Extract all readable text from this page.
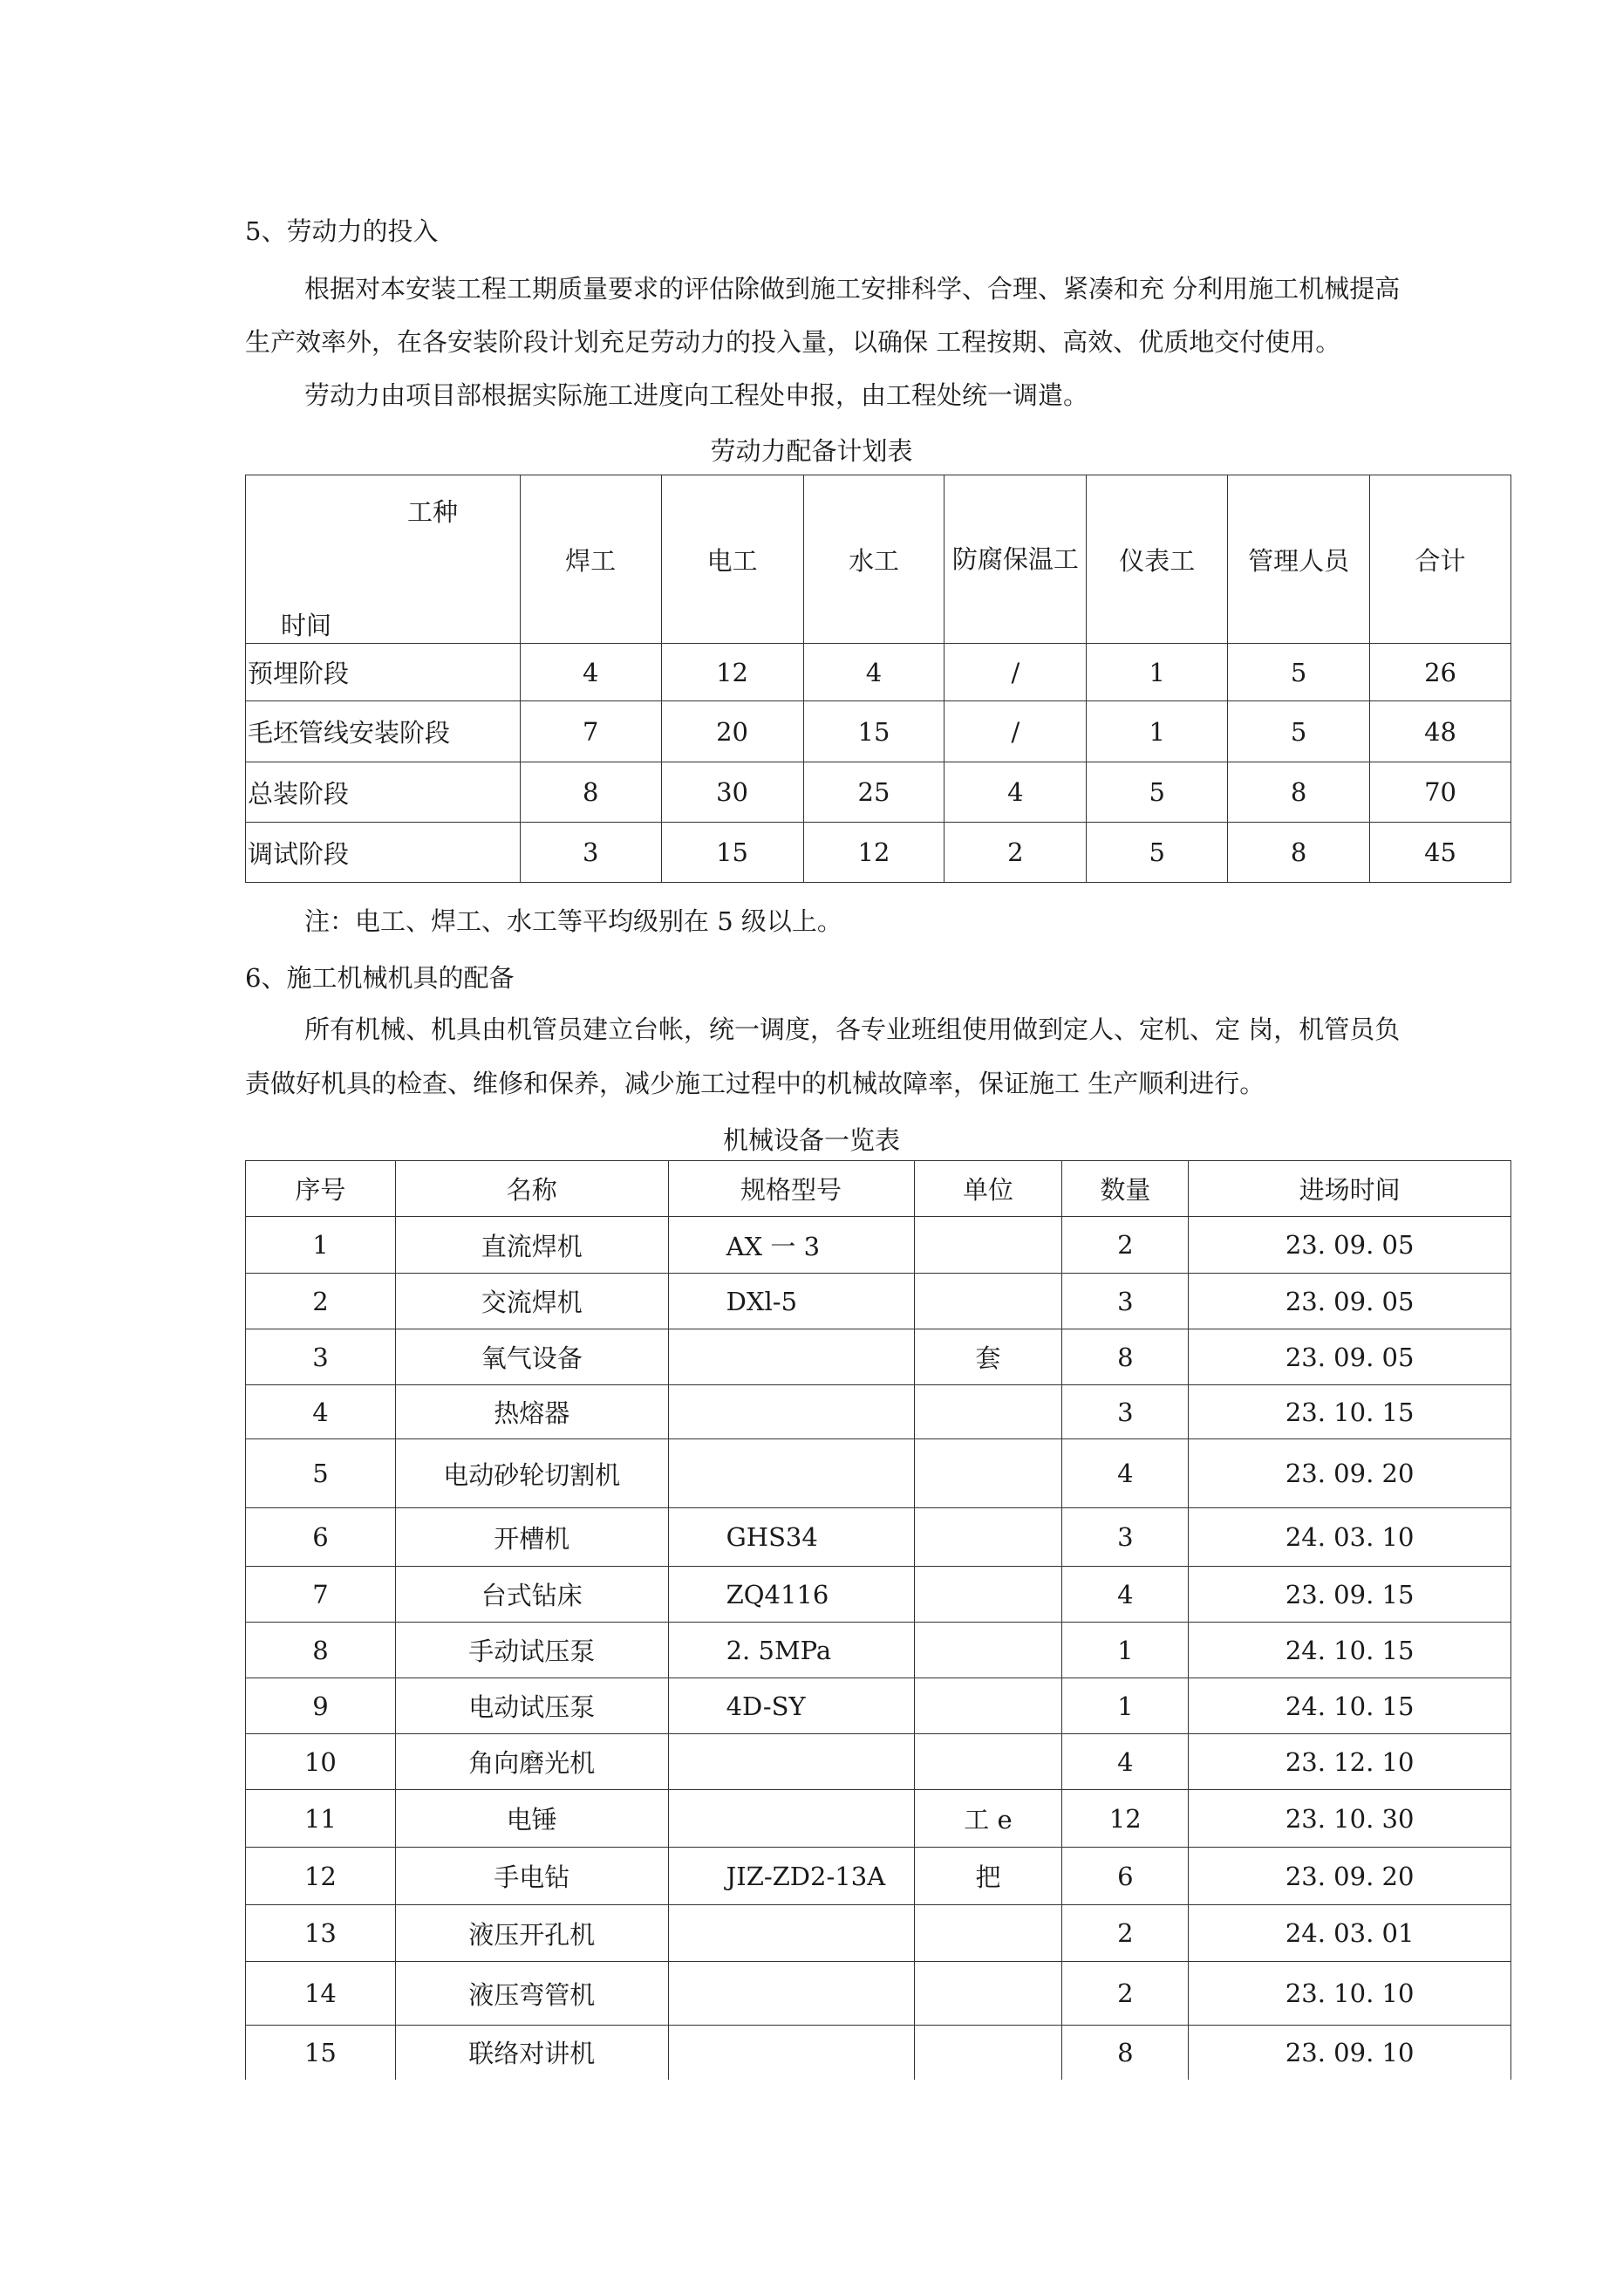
5、劳动力的投入
根据对本安装工程工期质量要求的评估除做到施工安排科学、合理、紧凑和充 分利用施工机械提高
生产效率外，在各安装阶段计划充足劳动力的投入量，以确保 工程按期、高效、优质地交付使用。
劳动力由项目部根据实际施工进度向工程处申报，由工程处统一调遣。
劳动力配备计划表
工种
时间	焊工	电工	水工	防腐保温工	仪表工	管理人员	合计
预埋阶段	4	12	4	/	1	5	26
毛坯管线安装阶段	7	20	15	/	1	5	48
总装阶段	8	30	25	4	5	8	70
调试阶段	3	15	12	2	5	8	45
注：电工、焊工、水工等平均级别在 5 级以上。
6、施工机械机具的配备
所有机械、机具由机管员建立台帐，统一调度，各专业班组使用做到定人、定机、定 岗，机管员负
责做好机具的检查、维修和保养，减少施工过程中的机械故障率，保证施工 生产顺利进行。
机械设备一览表
序号	名称	规格型号	单位	数量	进场时间
1	直流焊机	AX 一 3		2	23. 09. 05
2	交流焊机	DXl-5		3	23. 09. 05
3	氧气设备		套	8	23. 09. 05
4	热熔器			3	23. 10. 15
5	电动砂轮切割机			4	23. 09. 20
6	开槽机	GHS34		3	24. 03. 10
7	台式钻床	ZQ4116		4	23. 09. 15
8	手动试压泵	2. 5MPa		1	24. 10. 15
9	电动试压泵	4D-SY		1	24. 10. 15
10	角向磨光机			4	23. 12. 10
11	电锤		工 e	12	23. 10. 30
12	手电钻	JIZ-ZD2-13A	把	6	23. 09. 20
13	液压开孔机			2	24. 03. 01
14	液压弯管机			2	23. 10. 10
15	联络对讲机			8	23. 09. 10
